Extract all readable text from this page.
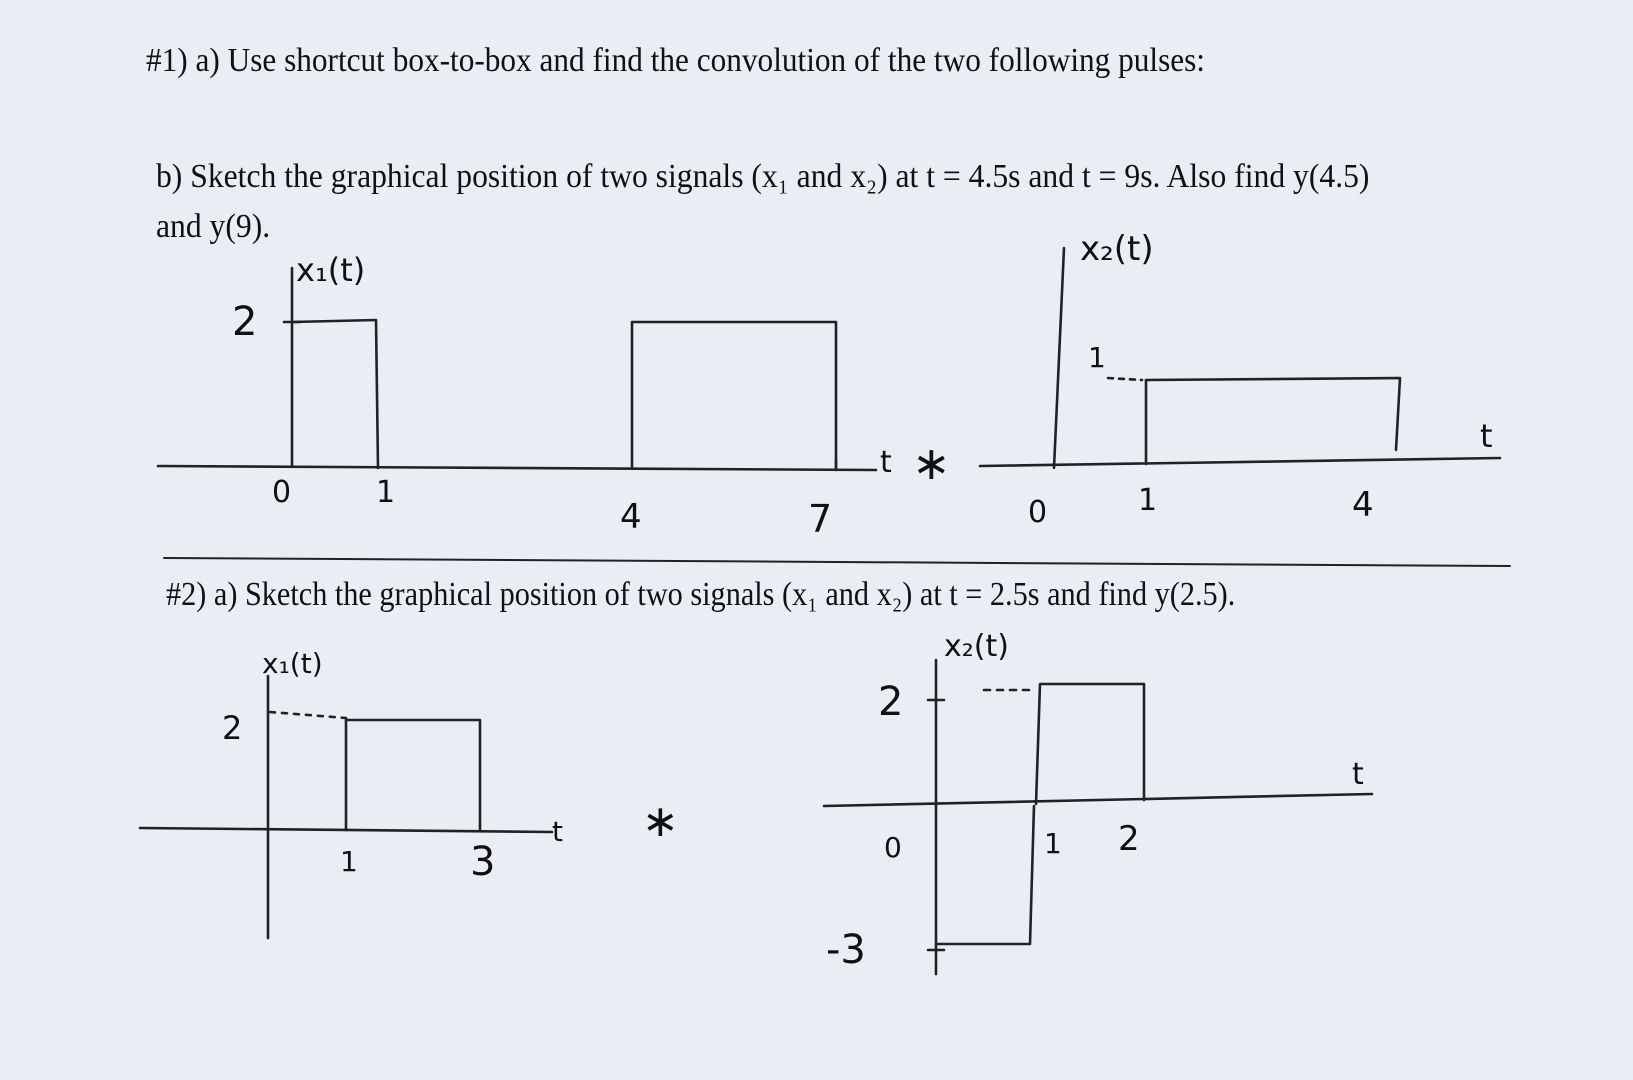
#1) a) Use shortcut box-to-box and find the convolution of the two following pulses:
b) Sketch the graphical position of two signals (x₁ and x₂) at t = 4.5s and t = 9s. Also find y(4.5)
and y(9).
x₁(t)
2
0	1
4	7
t ∗
x₂(t)
1
0	1	4
t
#2) a) Sketch the graphical position of two signals (x₁ and x₂) at t = 2.5s and find y(2.5).
x₁(t)
2
1	3
t ∗
x₂(t)
2
-3
0	1 2
t
